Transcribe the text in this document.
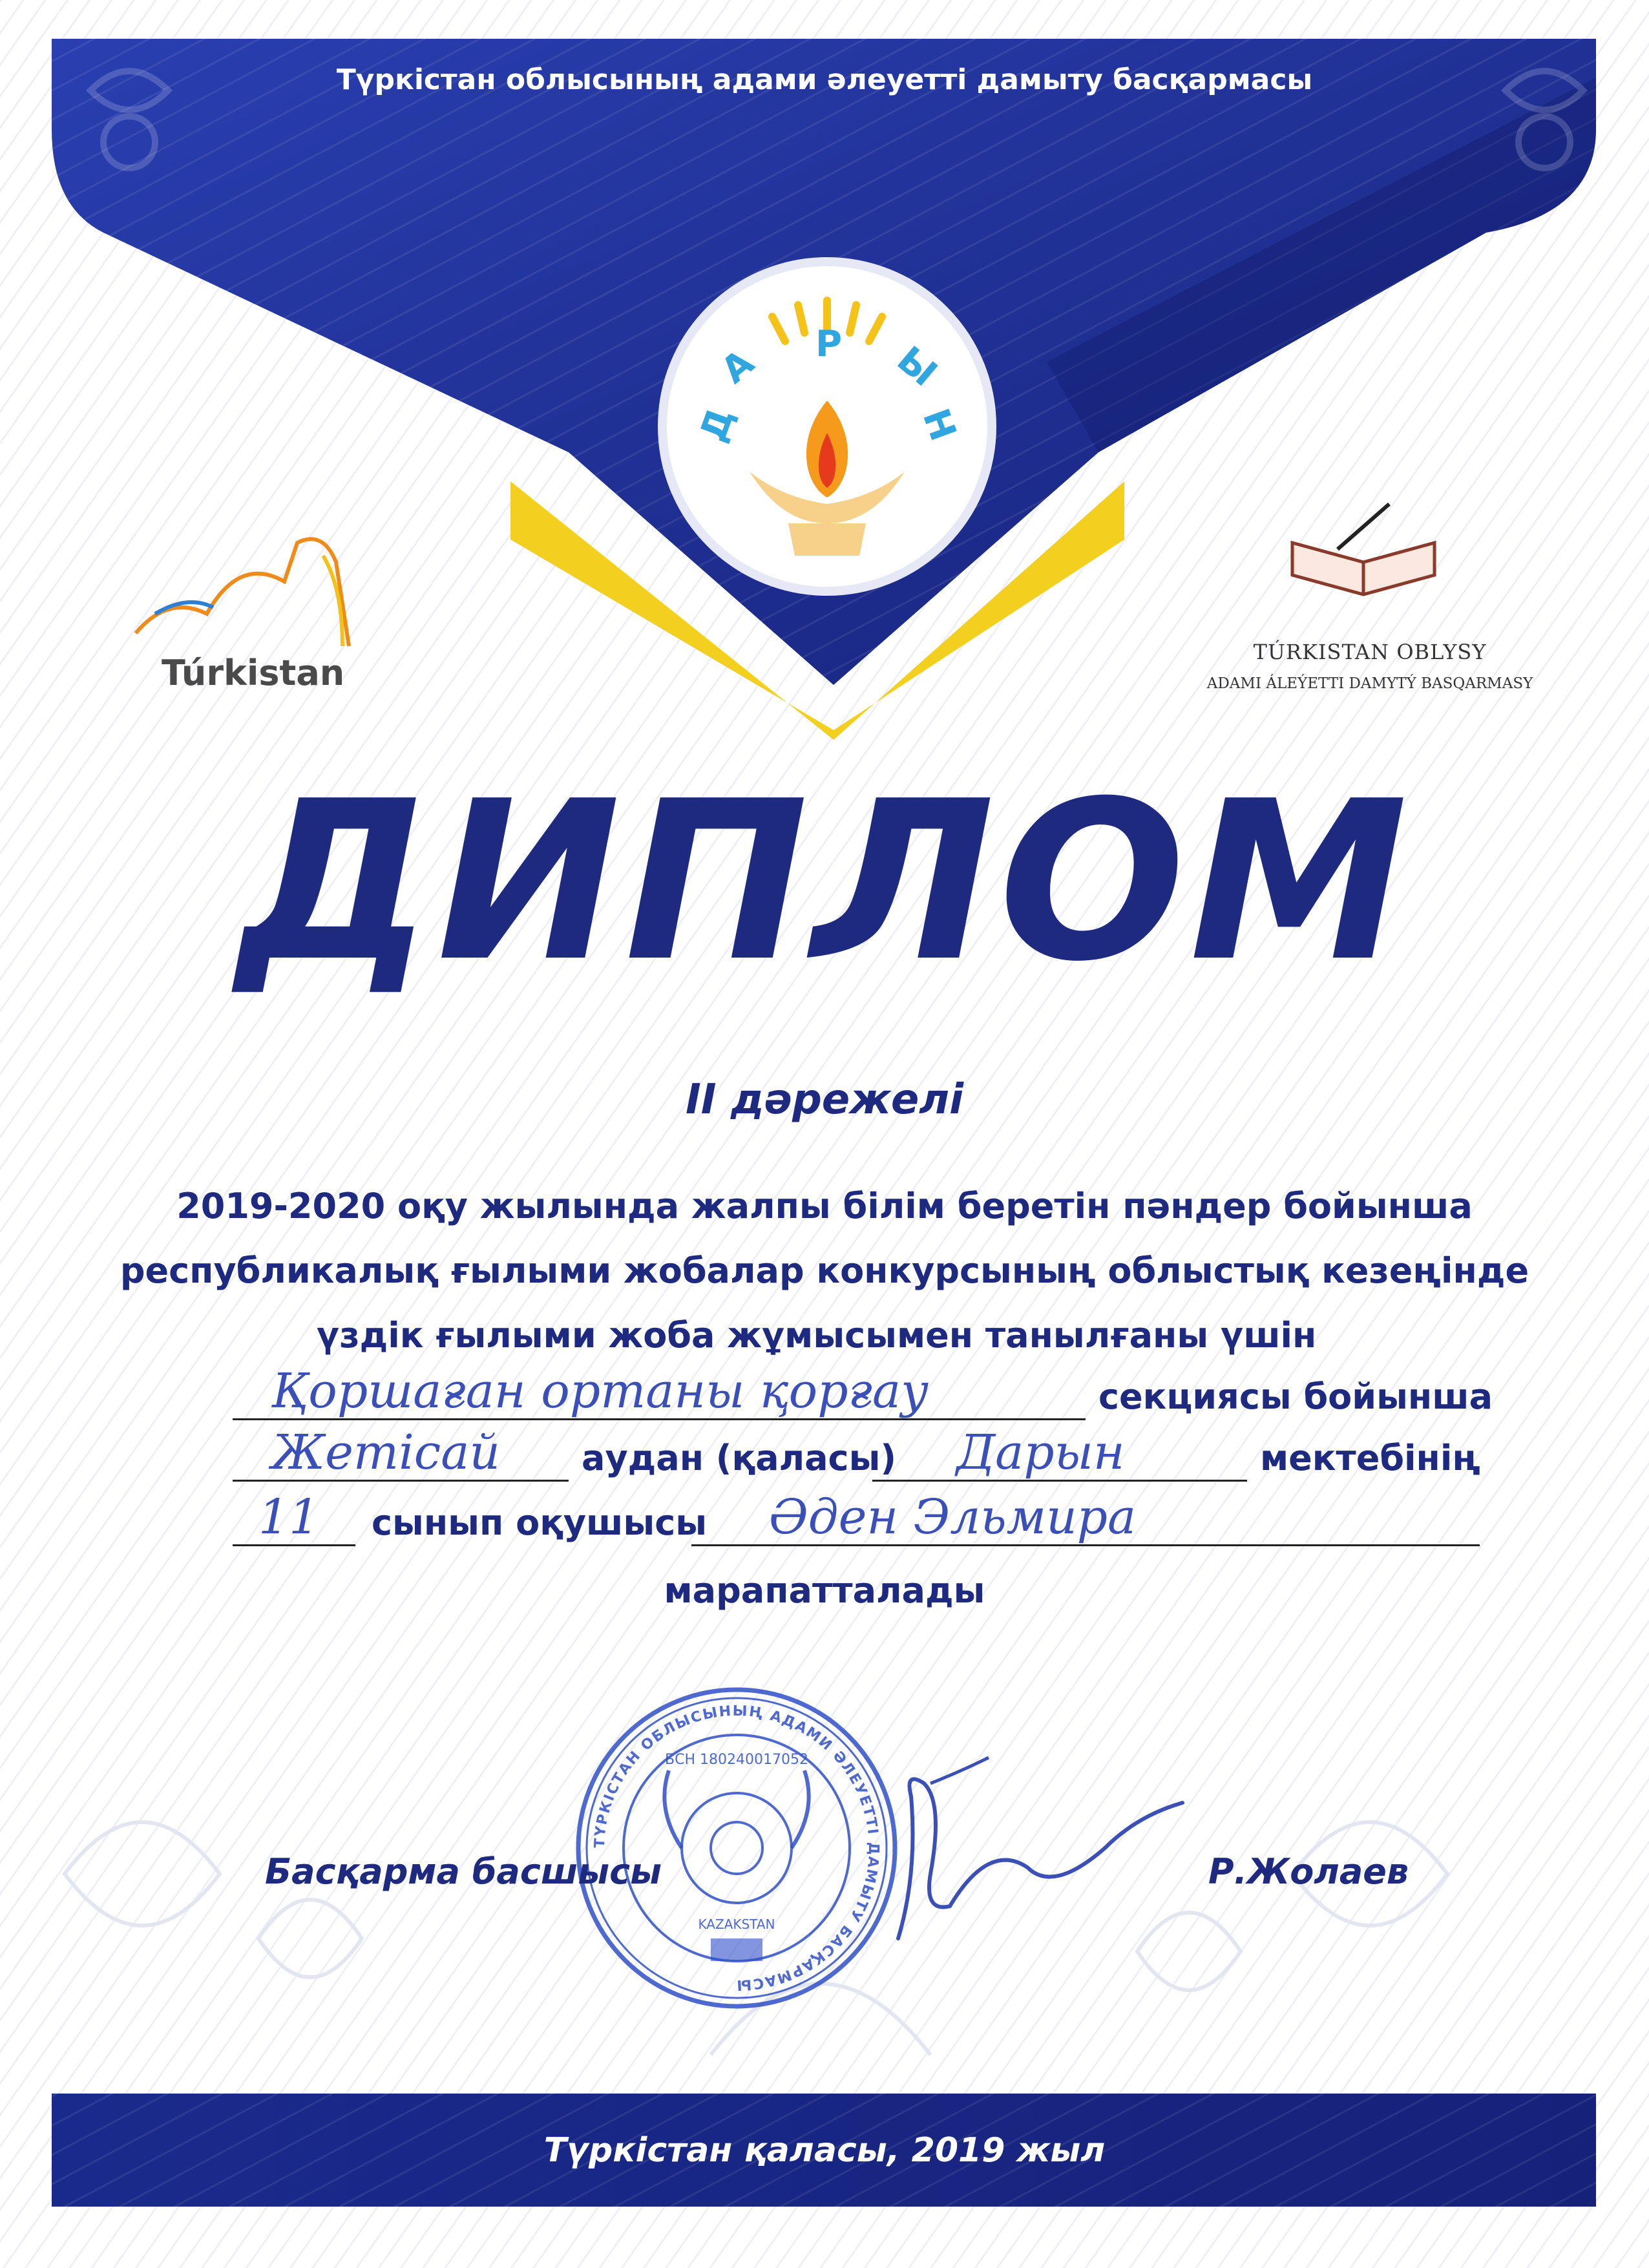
Түркістан облысының адами әлеуетті дамыту басқармасы
Д
А Р Ы
Н
Túrkistan
TÚRKISTAN OBLYSY
ADAMI ÁLEÝETTI DAMYTÝ BASQARMASY
ДИПЛОМ
II дәрежелі
2019-2020 оқу жылында жалпы білім беретін пәндер бойынша
республикалық ғылыми жобалар конкурсының облыстық кезеңінде
үздік ғылыми жоба жұмысымен танылғаны үшін
Қоршаған ортаны қорғау	секциясы бойынша
Жетісай аудан (қаласы) Дарын	мектебінің
11 сынып оқушысы Әден Эльмира
марапатталады
ТҮРКІСТАН ОБЛЫСЫНЫҢ АДАМИ ӘЛЕУЕТТІ ДАМЫТУ БАСҚАРМАСЫ
БСН 180240017052
KAZAKSTAN
Басқарма басшысы	Р.Жолаев
Түркістан қаласы, 2019 жыл
